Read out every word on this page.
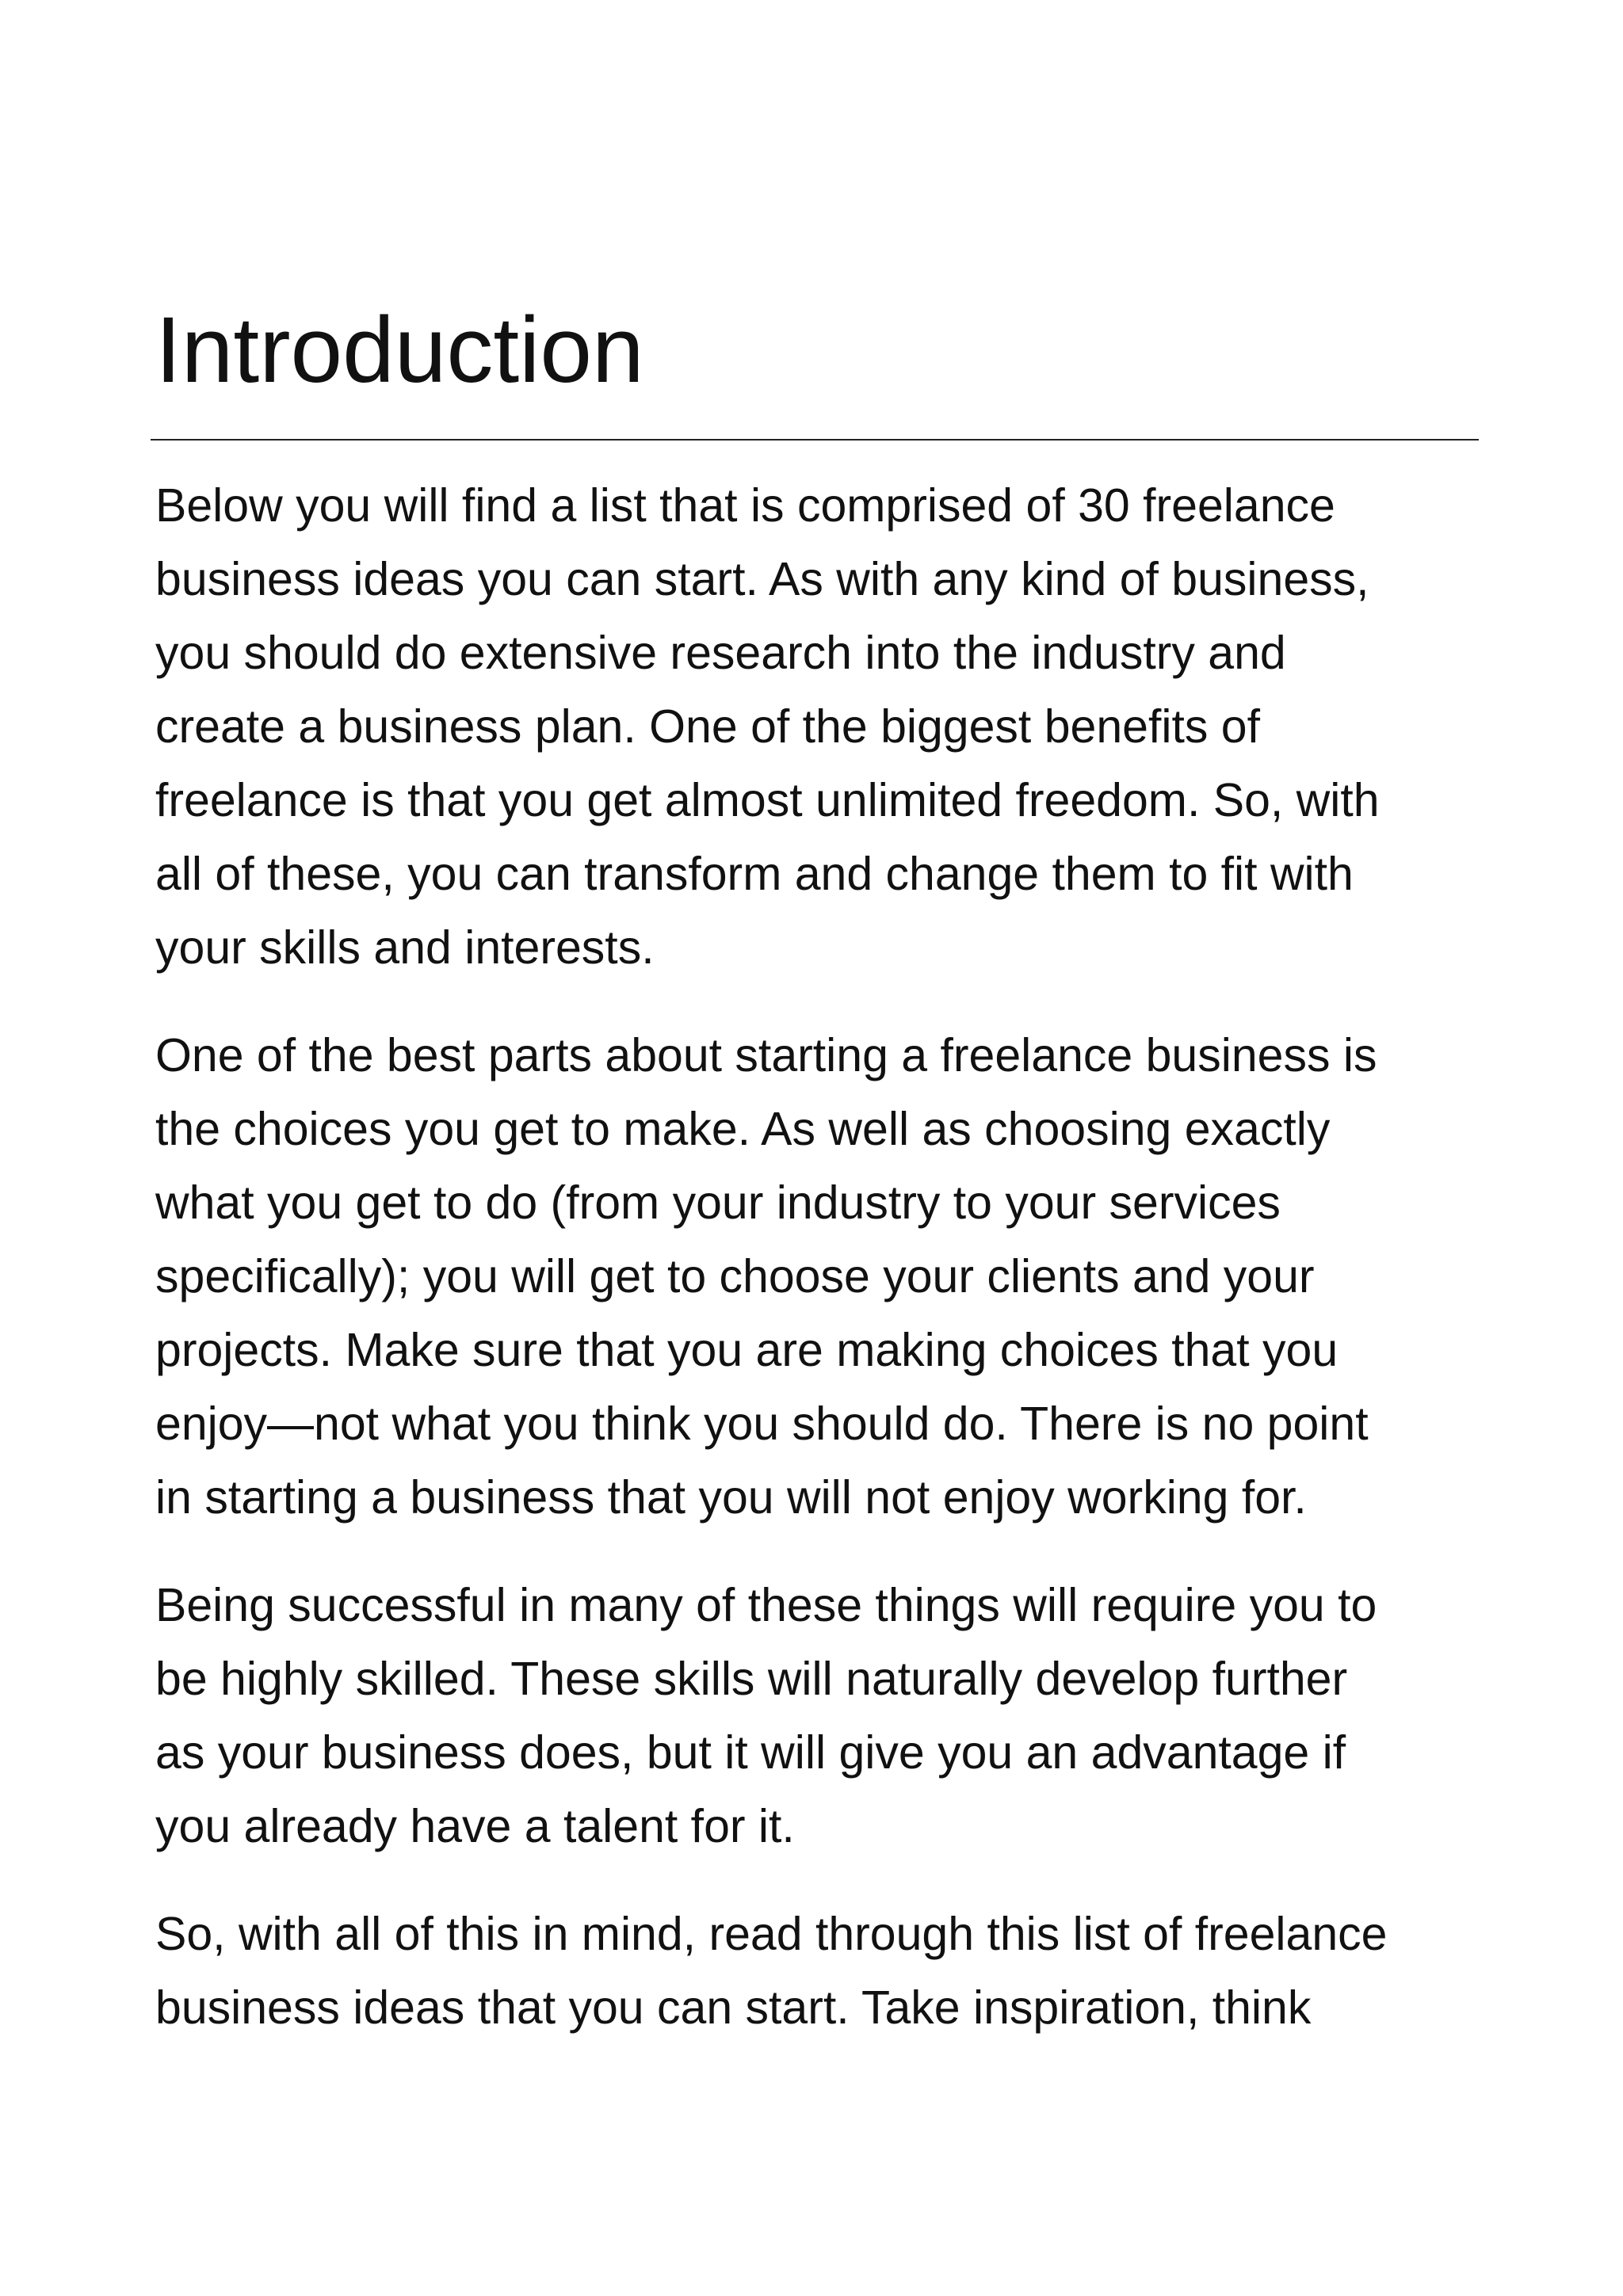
Introduction

Below you will find a list that is comprised of 30 freelance
business ideas you can start. As with any kind of business,
you should do extensive research into the industry and
create a business plan. One of the biggest benefits of
freelance is that you get almost unlimited freedom. So, with
all of these, you can transform and change them to fit with
your skills and interests.

One of the best parts about starting a freelance business is
the choices you get to make. As well as choosing exactly
what you get to do (from your industry to your services
specifically); you will get to choose your clients and your
projects. Make sure that you are making choices that you
enjoy—not what you think you should do. There is no point
in starting a business that you will not enjoy working for.

Being successful in many of these things will require you to
be highly skilled. These skills will naturally develop further
as your business does, but it will give you an advantage if
you already have a talent for it.

So, with all of this in mind, read through this list of freelance
business ideas that you can start. Take inspiration, think
